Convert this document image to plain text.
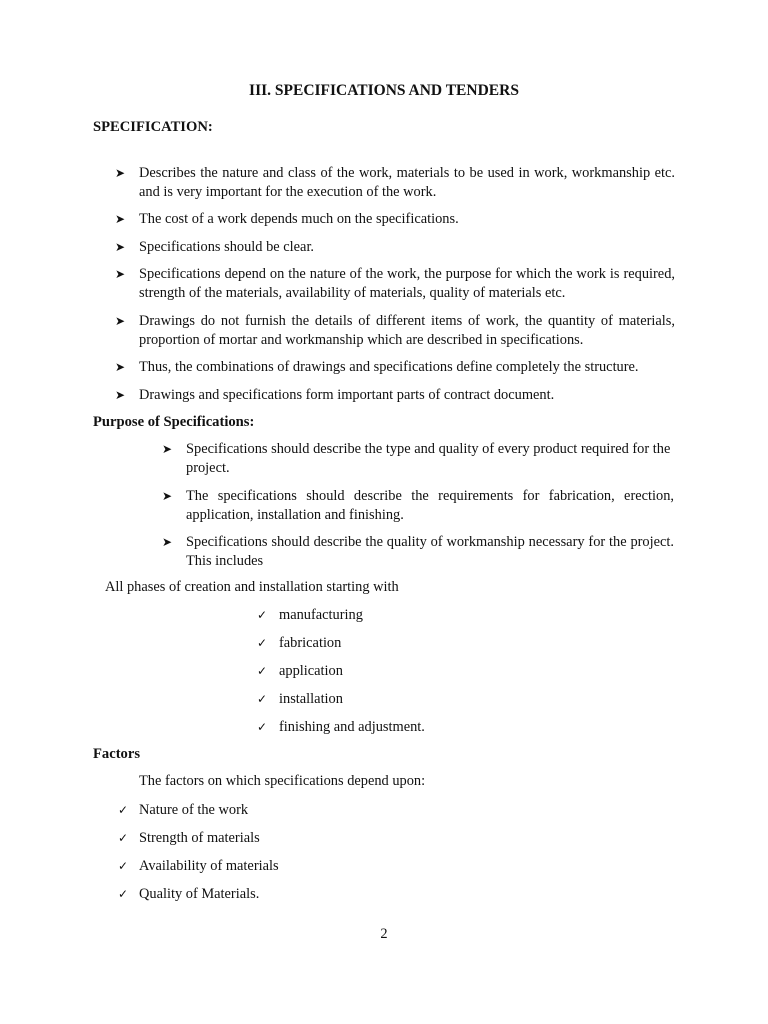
III. SPECIFICATIONS AND TENDERS
SPECIFICATION:
➤ Describes the nature and class of the work, materials to be used in work, workmanship etc. and is very important for the execution of the work.
➤ The cost of a work depends much on the specifications.
➤ Specifications should be clear.
➤ Specifications depend on the nature of the work, the purpose for which the work is required, strength of the materials, availability of materials, quality of materials etc.
➤ Drawings do not furnish the details of different items of work, the quantity of materials, proportion of mortar and workmanship which are described in specifications.
➤ Thus, the combinations of drawings and specifications define completely the structure.
➤ Drawings and specifications form important parts of contract document.
Purpose of Specifications:
➤ Specifications should describe the type and quality of every product required for the project.
➤ The specifications should describe the requirements for fabrication, erection, application, installation and finishing.
➤ Specifications should describe the quality of workmanship necessary for the project. This includes
All phases of creation and installation starting with
✓ manufacturing
✓ fabrication
✓ application
✓ installation
✓ finishing and adjustment.
Factors
The factors on which specifications depend upon:
✓ Nature of the work
✓ Strength of materials
✓ Availability of materials
✓ Quality of Materials.
2
